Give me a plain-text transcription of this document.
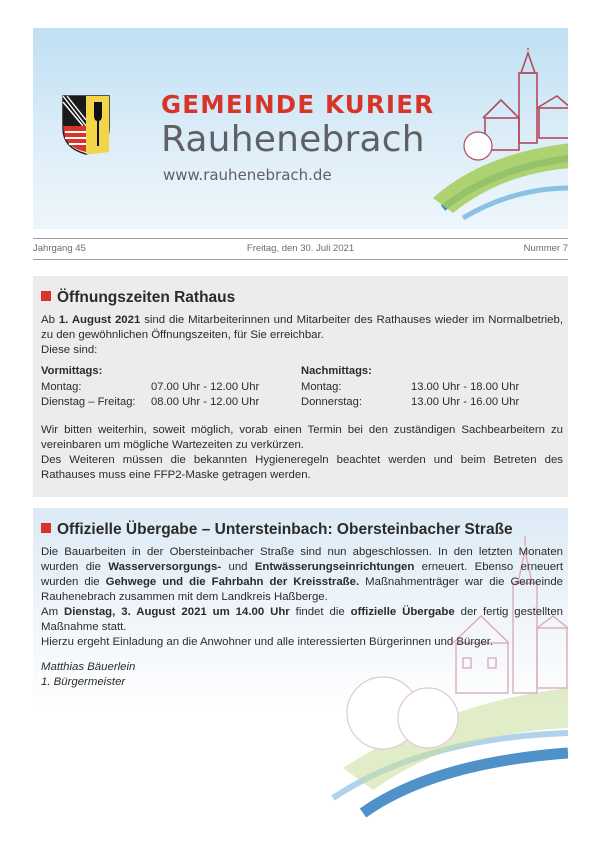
GEMEINDE KURIER
Rauhenebrach
www.rauhenebrach.de
Jahrgang 45	Freitag, den 30. Juli 2021	Nummer 7
Öffnungszeiten Rathaus

Ab 1. August 2021 sind die Mitarbeiterinnen und Mitarbeiter des Rathauses wieder im Normalbetrieb, zu den gewöhnlichen Öffnungszeiten, für Sie erreichbar.

Diese sind:

Vormittags:
Montag:	07.00 Uhr - 12.00 Uhr
Dienstag – Freitag: 08.00 Uhr - 12.00 Uhr
Nachmittags:
Montag:	13.00 Uhr - 18.00 Uhr
Donnerstag:	13.00 Uhr - 16.00 Uhr

Wir bitten weiterhin, soweit möglich, vorab einen Termin bei den zuständigen Sachbearbeitern zu vereinbaren um mögliche Wartezeiten zu verkürzen.

Des Weiteren müssen die bekannten Hygieneregeln beachtet werden und beim Betreten des Rathauses muss eine FFP2-Maske getragen werden.

Offizielle Übergabe – Untersteinbach: Obersteinbacher Straße

Die Bauarbeiten in der Obersteinbacher Straße sind nun abgeschlossen. In den letzten Monaten wurden die Wasserversorgungs- und Entwässerungseinrichtungen erneuert. Ebenso erneuert wurden die Gehwege und die Fahrbahn der Kreisstraße. Maßnahmenträger war die Gemeinde Rauhenebrach zusammen mit dem Landkreis Haßberge.

Am Dienstag, 3. August 2021 um 14.00 Uhr findet die offizielle Übergabe der fertig gestellten Maßnahme statt.

Hierzu ergeht Einladung an die Anwohner und alle interessierten Bürgerinnen und Bürger.

Matthias Bäuerlein
1. Bürgermeister
